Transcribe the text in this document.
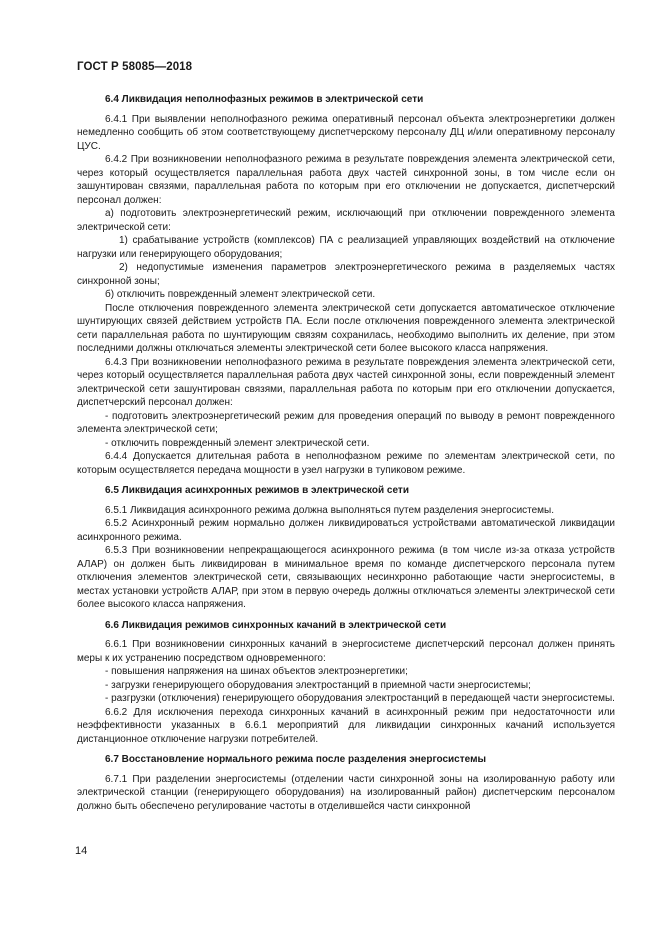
ГОСТ Р 58085—2018
6.4 Ликвидация неполнофазных режимов в электрической сети

6.4.1 При выявлении неполнофазного режима оперативный персонал объекта электроэнергетики должен немедленно сообщить об этом соответствующему диспетчерскому персоналу ДЦ и/или оперативному персоналу ЦУС.

6.4.2 При возникновении неполнофазного режима в результате повреждения элемента электрической сети, через который осуществляется параллельная работа двух частей синхронной зоны, в том числе если он зашунтирован связями, параллельная работа по которым при его отключении не допускается, диспетчерский персонал должен:

а) подготовить электроэнергетический режим, исключающий при отключении поврежденного элемента электрической сети:

1) срабатывание устройств (комплексов) ПА с реализацией управляющих воздействий на отключение нагрузки или генерирующего оборудования;

2) недопустимые изменения параметров электроэнергетического режима в разделяемых частях синхронной зоны;

б) отключить поврежденный элемент электрической сети.

После отключения поврежденного элемента электрической сети допускается автоматическое отключение шунтирующих связей действием устройств ПА. Если после отключения поврежденного элемента электрической сети параллельная работа по шунтирующим связям сохранилась, необходимо выполнить их деление, при этом последними должны отключаться элементы электрической сети более высокого класса напряжения.

6.4.3 При возникновении неполнофазного режима в результате повреждения элемента электрической сети, через который осуществляется параллельная работа двух частей синхронной зоны, если поврежденный элемент электрической сети зашунтирован связями, параллельная работа по которым при его отключении допускается, диспетчерский персонал должен:

- подготовить электроэнергетический режим для проведения операций по выводу в ремонт поврежденного элемента электрической сети;

- отключить поврежденный элемент электрической сети.

6.4.4 Допускается длительная работа в неполнофазном режиме по элементам электрической сети, по которым осуществляется передача мощности в узел нагрузки в тупиковом режиме.

6.5 Ликвидация асинхронных режимов в электрической сети

6.5.1 Ликвидация асинхронного режима должна выполняться путем разделения энергосистемы.

6.5.2 Асинхронный режим нормально должен ликвидироваться устройствами автоматической ликвидации асинхронного режима.

6.5.3 При возникновении непрекращающегося асинхронного режима (в том числе из-за отказа устройств АЛАР) он должен быть ликвидирован в минимальное время по команде диспетчерского персонала путем отключения элементов электрической сети, связывающих несинхронно работающие части энергосистемы, в местах установки устройств АЛАР, при этом в первую очередь должны отключаться элементы электрической сети более высокого класса напряжения.

6.6 Ликвидация режимов синхронных качаний в электрической сети

6.6.1 При возникновении синхронных качаний в энергосистеме диспетчерский персонал должен принять меры к их устранению посредством одновременного:

- повышения напряжения на шинах объектов электроэнергетики;

- загрузки генерирующего оборудования электростанций в приемной части энергосистемы;

- разгрузки (отключения) генерирующего оборудования электростанций в передающей части энергосистемы.

6.6.2 Для исключения перехода синхронных качаний в асинхронный режим при недостаточности или неэффективности указанных в 6.6.1 мероприятий для ликвидации синхронных качаний используется дистанционное отключение нагрузки потребителей.

6.7 Восстановление нормального режима после разделения энергосистемы

6.7.1 При разделении энергосистемы (отделении части синхронной зоны на изолированную работу или электрической станции (генерирующего оборудования) на изолированный район) диспетчерским персоналом должно быть обеспечено регулирование частоты в отделившейся части синхронной

14
